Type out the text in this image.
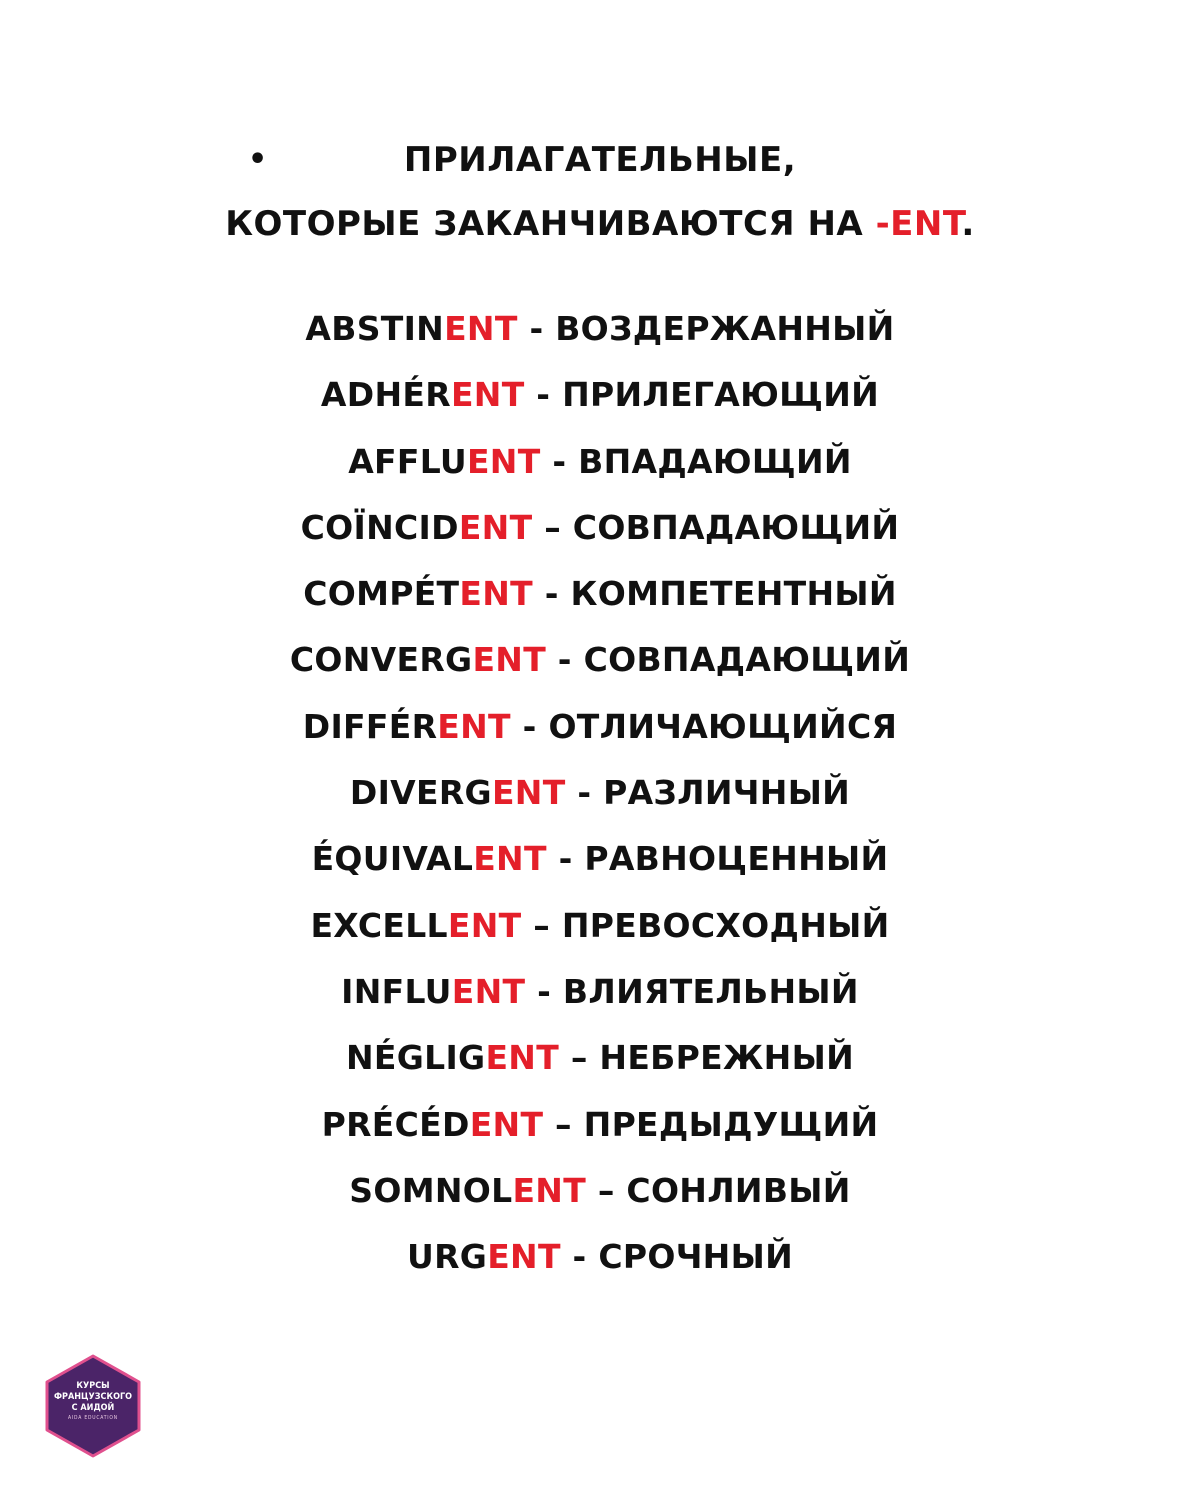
•	ПРИЛАГАТЕЛЬНЫЕ,
КОТОРЫЕ ЗАКАНЧИВАЮТСЯ НА -ENT.
ABSTINENT - ВОЗДЕРЖАННЫЙ
ADHÉRENT - ПРИЛЕГАЮЩИЙ
AFFLUENT - ВПАДАЮЩИЙ
COÏNCIDENT – СОВПАДАЮЩИЙ
COMPÉTENT - КОМПЕТЕНТНЫЙ
CONVERGENT - СОВПАДАЮЩИЙ
DIFFÉRENT - ОТЛИЧАЮЩИЙСЯ
DIVERGENT - РАЗЛИЧНЫЙ
ÉQUIVALENT - РАВНОЦЕННЫЙ
EXCELLENT – ПРЕВОСХОДНЫЙ
INFLUENT - ВЛИЯТЕЛЬНЫЙ
NÉGLIGENT – НЕБРЕЖНЫЙ
PRÉCÉDENT – ПРЕДЫДУЩИЙ
SOMNOLENT – СОНЛИВЫЙ
URGENT - СРОЧНЫЙ
КУРСЫ
ФРАНЦУЗСКОГО
С АИДОЙ
AIDA EDUCATION
